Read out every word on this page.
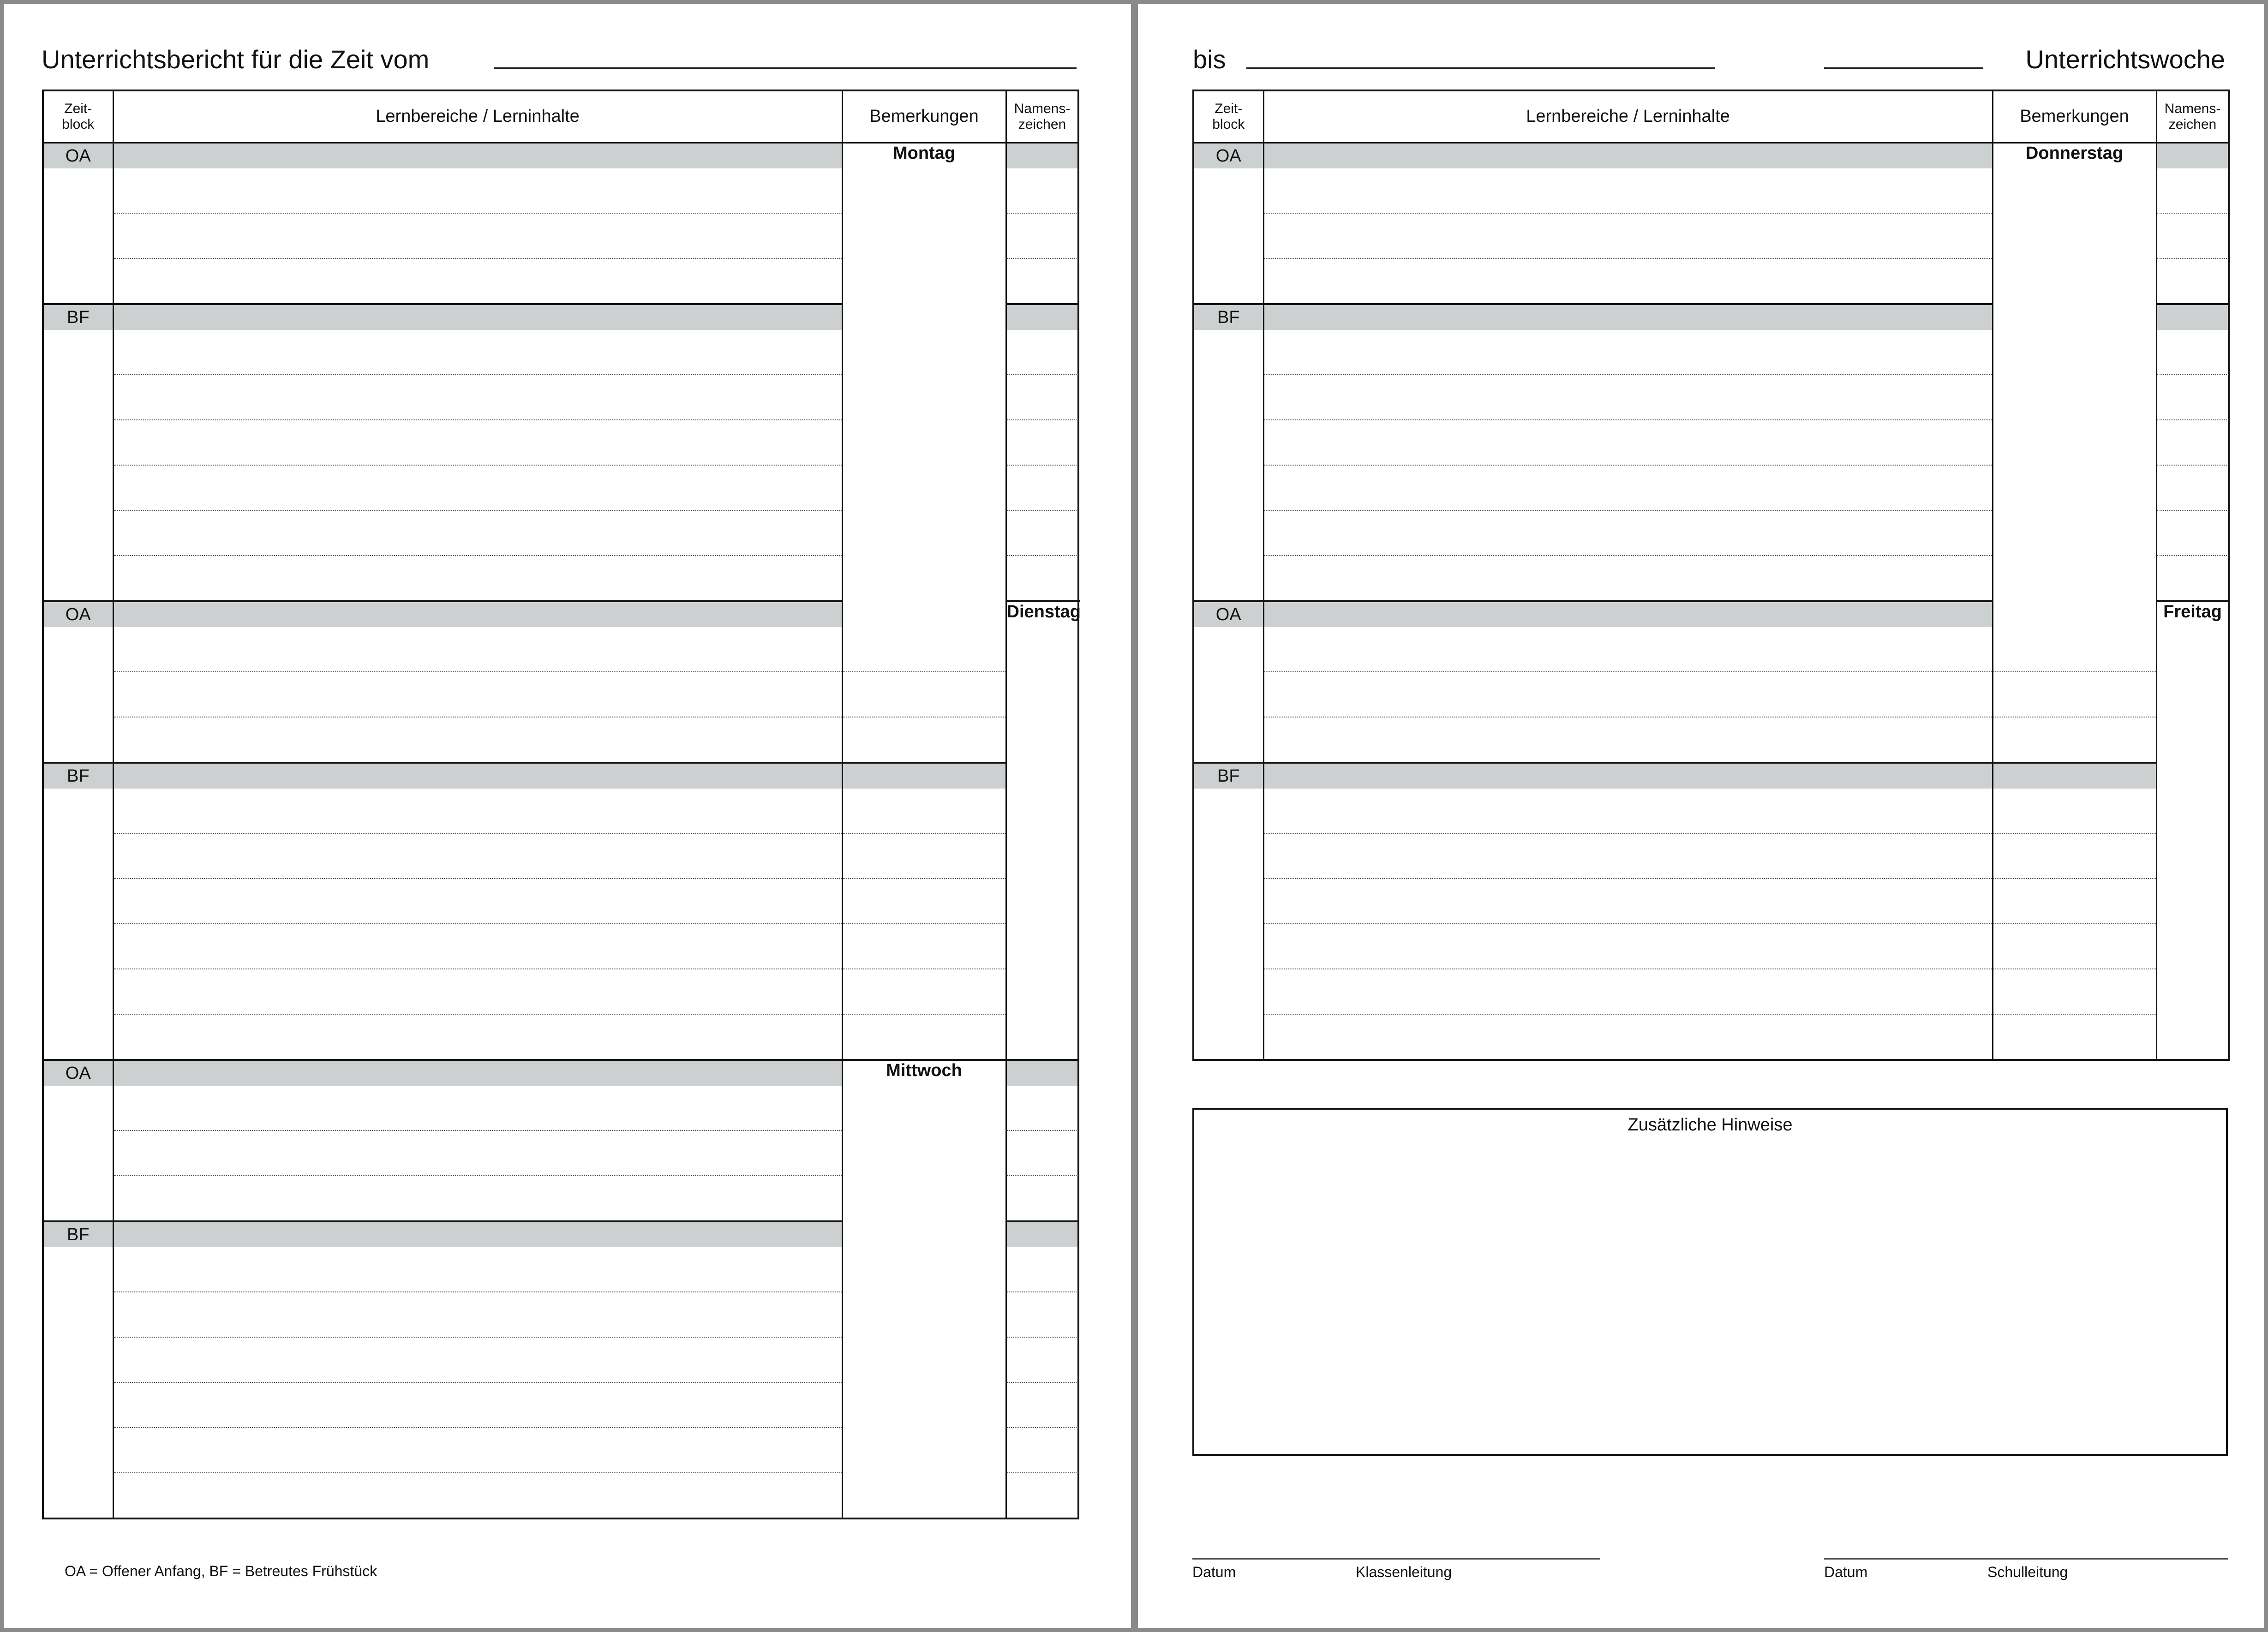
Unterrichtsbericht für die Zeit vom
Zeit-
block	Lernbereiche / Lerninhalte	Bemerkungen	Namens-
zeichen	
OA		Montag		

BF				

OA			Dienstag	

BF				

OA		Mittwoch		

BF				

OA = Offener Anfang, BF = Betreutes Frühstück
bis	Unterrichtswoche
Zeit-
block	Lernbereiche / Lerninhalte	Bemerkungen	Namens-
zeichen	
OA		Donnerstag		

BF				

OA			Freitag	

BF				

Zusätzliche Hinweise
Datum	Klassenleitung	Datum	Schulleitung
